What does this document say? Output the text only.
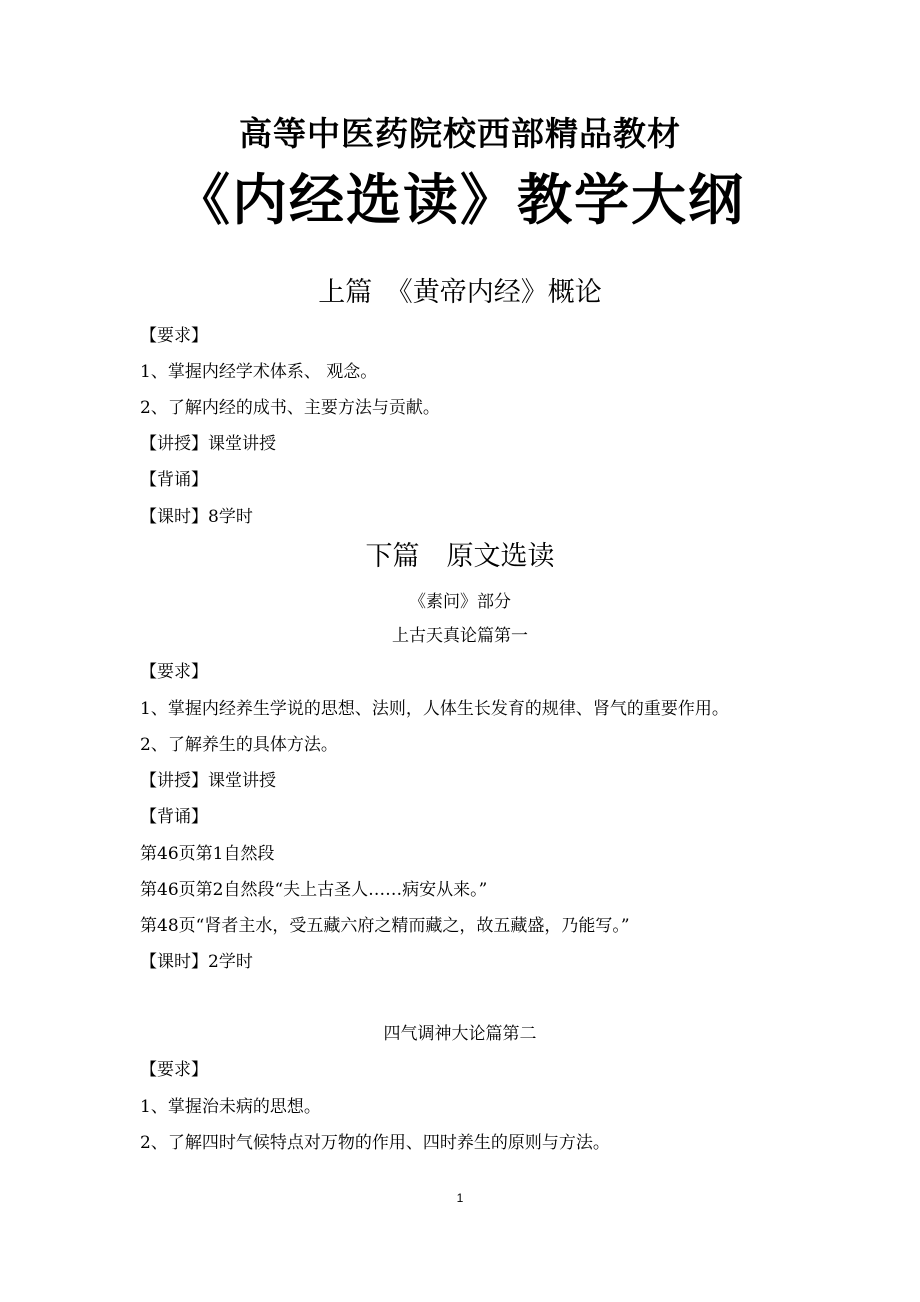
高等中医药院校西部精品教材
《内经选读》教学大纲
上篇　《黄帝内经》概论
【要求】
1、掌握内经学术体系、 观念。
2、了解内经的成书、主要方法与贡献。
【讲授】课堂讲授
【背诵】
【课时】8学时
下篇　原文选读
《素问》部分
上古天真论篇第一
【要求】
1、掌握内经养生学说的思想、法则，人体生长发育的规律、肾气的重要作用。
2、了解养生的具体方法。
【讲授】课堂讲授
【背诵】
第46页第1自然段
第46页第2自然段“夫上古圣人……病安从来。”
第48页“肾者主水，受五藏六府之精而藏之，故五藏盛，乃能写。”
【课时】2学时
四气调神大论篇第二
【要求】
1、掌握治未病的思想。
2、了解四时气候特点对万物的作用、四时养生的原则与方法。
1
